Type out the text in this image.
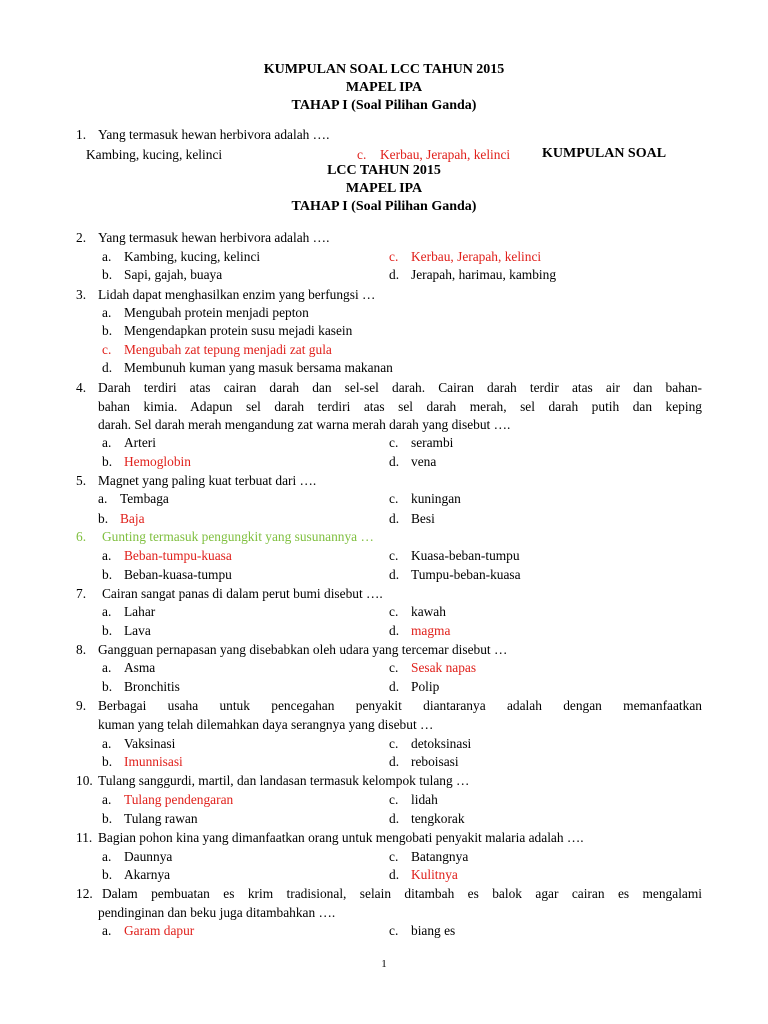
KUMPULAN SOAL LCC TAHUN 2015
MAPEL IPA
TAHAP I (Soal Pilihan Ganda)
1. Yang termasuk hewan herbivora adalah ….
Kambing, kucing, kelinci	c. Kerbau, Jerapah, kelinci KUMPULAN SOAL
LCC TAHUN 2015
MAPEL IPA
TAHAP I (Soal Pilihan Ganda)
2. Yang termasuk hewan herbivora adalah ….
a. Kambing, kucing, kelinci	c. Kerbau, Jerapah, kelinci
b. Sapi, gajah, buaya	d. Jerapah, harimau, kambing
3. Lidah dapat menghasilkan enzim yang berfungsi …
a. Mengubah protein menjadi pepton
b. Mengendapkan protein susu mejadi kasein
c. Mengubah zat tepung menjadi zat gula
d. Membunuh kuman yang masuk bersama makanan
4. Darah terdiri atas cairan darah dan sel-sel darah. Cairan darah terdir atas air dan bahan-
bahan kimia. Adapun sel darah terdiri atas sel darah merah, sel darah putih dan keping
darah. Sel darah merah mengandung zat warna merah darah yang disebut ….
a. Arteri	c. serambi
b. Hemoglobin	d. vena
5. Magnet yang paling kuat terbuat dari ….
a. Tembaga	c. kuningan
b. Baja	d. Besi
6. Gunting termasuk pengungkit yang susunannya …
a. Beban-tumpu-kuasa	c. Kuasa-beban-tumpu
b. Beban-kuasa-tumpu	d. Tumpu-beban-kuasa
7. Cairan sangat panas di dalam perut bumi disebut ….
a. Lahar	c. kawah
b. Lava	d. magma
8. Gangguan pernapasan yang disebabkan oleh udara yang tercemar disebut …
a. Asma	c. Sesak napas
b. Bronchitis	d. Polip
9. Berbagai usaha untuk pencegahan penyakit diantaranya adalah dengan memanfaatkan
kuman yang telah dilemahkan daya serangnya yang disebut …
a. Vaksinasi	c. detoksinasi
b. Imunnisasi	d. reboisasi
10. Tulang sanggurdi, martil, dan landasan termasuk kelompok tulang …
a. Tulang pendengaran	c. lidah
b. Tulang rawan	d. tengkorak
11. Bagian pohon kina yang dimanfaatkan orang untuk mengobati penyakit malaria adalah ….
a. Daunnya	c. Batangnya
b. Akarnya	d. Kulitnya
12. Dalam pembuatan es krim tradisional, selain ditambah es balok agar cairan es mengalami
pendinginan dan beku juga ditambahkan ….
a. Garam dapur	c. biang es
1
